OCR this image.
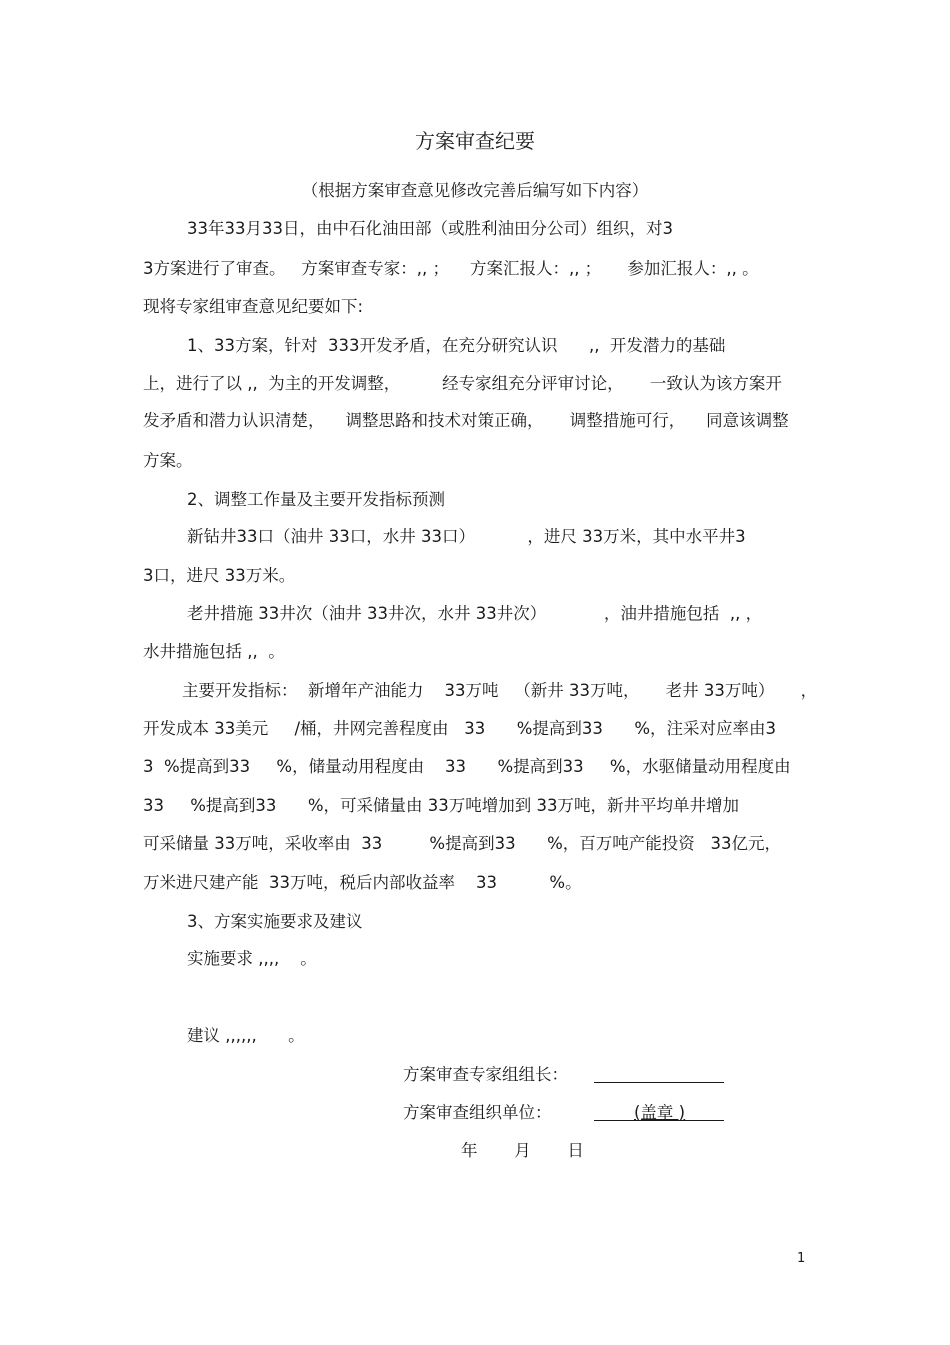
方案审查纪要
（根据方案审查意见修改完善后编写如下内容）
33年33月33日，由中石化油田部（或胜利油田分公司）组织，对3
3方案进行了审查。   方案审查专家：,, ；    方案汇报人：,, ；     参加汇报人：,, 。
现将专家组审查意见纪要如下:
1、33方案，针对  333开发矛盾，在充分研究认识      ,,  开发潜力的基础
上，进行了以 ,,  为主的开发调整，        经专家组充分评审讨论，     一致认为该方案开
发矛盾和潜力认识清楚，    调整思路和技术对策正确，     调整措施可行，    同意该调整
方案。
2、调整工作量及主要开发指标预测
新钻井33口（油井 33口，水井 33口）          ，进尺 33万米，其中水平井3
3口，进尺 33万米。
老井措施 33井次（油井 33井次，水井 33井次）           ，油井措施包括  ,, ，
水井措施包括 ,,  。
主要开发指标：  新增年产油能力    33万吨   （新井 33万吨，     老井 33万吨）     ，
开发成本 33美元     /桶，井网完善程度由   33      %提高到33      %，注采对应率由3
3  %提高到33     %，储量动用程度由    33      %提高到33     %，水驱储量动用程度由
33     %提高到33      %，可采储量由 33万吨增加到 33万吨，新井平均单井增加
可采储量 33万吨，采收率由  33         %提高到33      %，百万吨产能投资   33亿元，
万米进尺建产能  33万吨，税后内部收益率    33          %。
3、方案实施要求及建议
实施要求 ,,,,    。
建议 ,,,,,,      。
方案审查专家组组长：
方案审查组织单位：	(盖章 )
年       月       日
1
